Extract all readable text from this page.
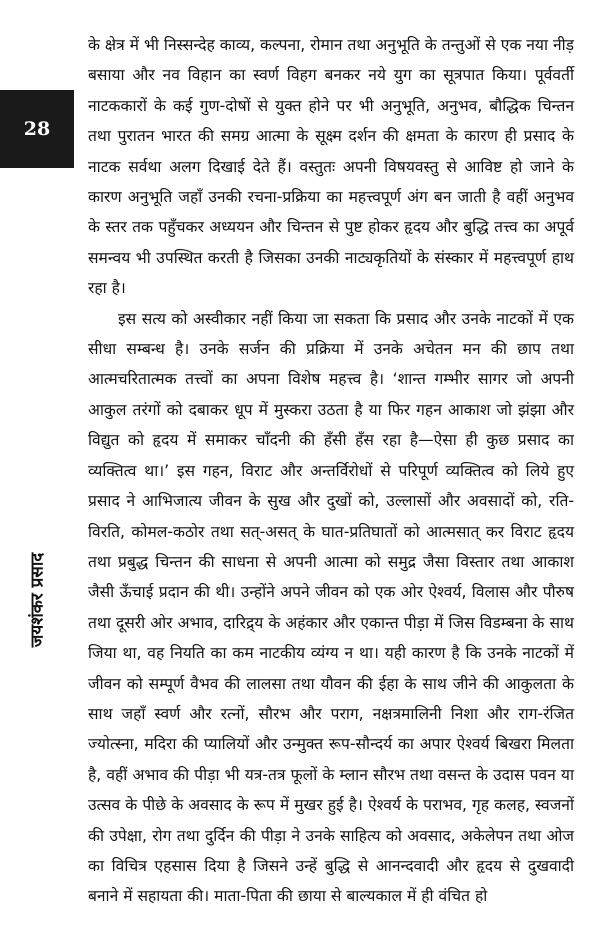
28
जयशंकर प्रसाद

के क्षेत्र में भी निस्सन्देह काव्य, कल्पना, रोमान तथा अनुभूति के तन्तुओं से एक नया नीड़ बसाया और नव विहान का स्वर्ण विहग बनकर नये युग का सूत्रपात किया। पूर्ववर्ती नाटककारों के कई गुण-दोषों से युक्त होने पर भी अनुभूति, अनुभव, बौद्धिक चिन्तन तथा पुरातन भारत की समग्र आत्मा के सूक्ष्म दर्शन की क्षमता के कारण ही प्रसाद के नाटक सर्वथा अलग दिखाई देते हैं। वस्तुतः अपनी विषयवस्तु से आविष्ट हो जाने के कारण अनुभूति जहाँ उनकी रचना-प्रक्रिया का महत्त्वपूर्ण अंग बन जाती है वहीं अनुभव के स्तर तक पहुँचकर अध्ययन और चिन्तन से पुष्ट होकर हृदय और बुद्धि तत्त्व का अपूर्व समन्वय भी उपस्थित करती है जिसका उनकी नाट्यकृतियों के संस्कार में महत्त्वपूर्ण हाथ रहा है।

इस सत्य को अस्वीकार नहीं किया जा सकता कि प्रसाद और उनके नाटकों में एक सीधा सम्बन्ध है। उनके सर्जन की प्रक्रिया में उनके अचेतन मन की छाप तथा आत्मचरितात्मक तत्त्वों का अपना विशेष महत्त्व है। ‘शान्त गम्भीर सागर जो अपनी आकुल तरंगों को दबाकर धूप में मुस्करा उठता है या फिर गहन आकाश जो झंझा और विद्युत को हृदय में समाकर चाँदनी की हँसी हँस रहा है—ऐसा ही कुछ प्रसाद का व्यक्तित्व था।’ इस गहन, विराट और अन्तर्विरोधों से परिपूर्ण व्यक्तित्व को लिये हुए प्रसाद ने आभिजात्य जीवन के सुख और दुखों को, उल्लासों और अवसादों को, रति-विरति, कोमल-कठोर तथा सत्-असत् के घात-प्रतिघातों को आत्मसात् कर विराट हृदय तथा प्रबुद्ध चिन्तन की साधना से अपनी आत्मा को समुद्र जैसा विस्तार तथा आकाश जैसी ऊँचाई प्रदान की थी। उन्होंने अपने जीवन को एक ओर ऐश्वर्य, विलास और पौरुष तथा दूसरी ओर अभाव, दारिद्र्य के अहंकार और एकान्त पीड़ा में जिस विडम्बना के साथ जिया था, वह नियति का कम नाटकीय व्यंग्य न था। यही कारण है कि उनके नाटकों में जीवन को सम्पूर्ण वैभव की लालसा तथा यौवन की ईहा के साथ जीने की आकुलता के साथ जहाँ स्वर्ण और रत्नों, सौरभ और पराग, नक्षत्रमालिनी निशा और राग-रंजित ज्योत्स्ना, मदिरा की प्यालियों और उन्मुक्त रूप-सौन्दर्य का अपार ऐश्वर्य बिखरा मिलता है, वहीं अभाव की पीड़ा भी यत्र-तत्र फूलों के म्लान सौरभ तथा वसन्त के उदास पवन या उत्सव के पीछे के अवसाद के रूप में मुखर हुई है। ऐश्वर्य के पराभव, गृह कलह, स्वजनों की उपेक्षा, रोग तथा दुर्दिन की पीड़ा ने उनके साहित्य को अवसाद, अकेलेपन तथा ओज का विचित्र एहसास दिया है जिसने उन्हें बुद्धि से आनन्दवादी और हृदय से दुखवादी बनाने में सहायता की। माता-पिता की छाया से बाल्यकाल में ही वंचित हो
